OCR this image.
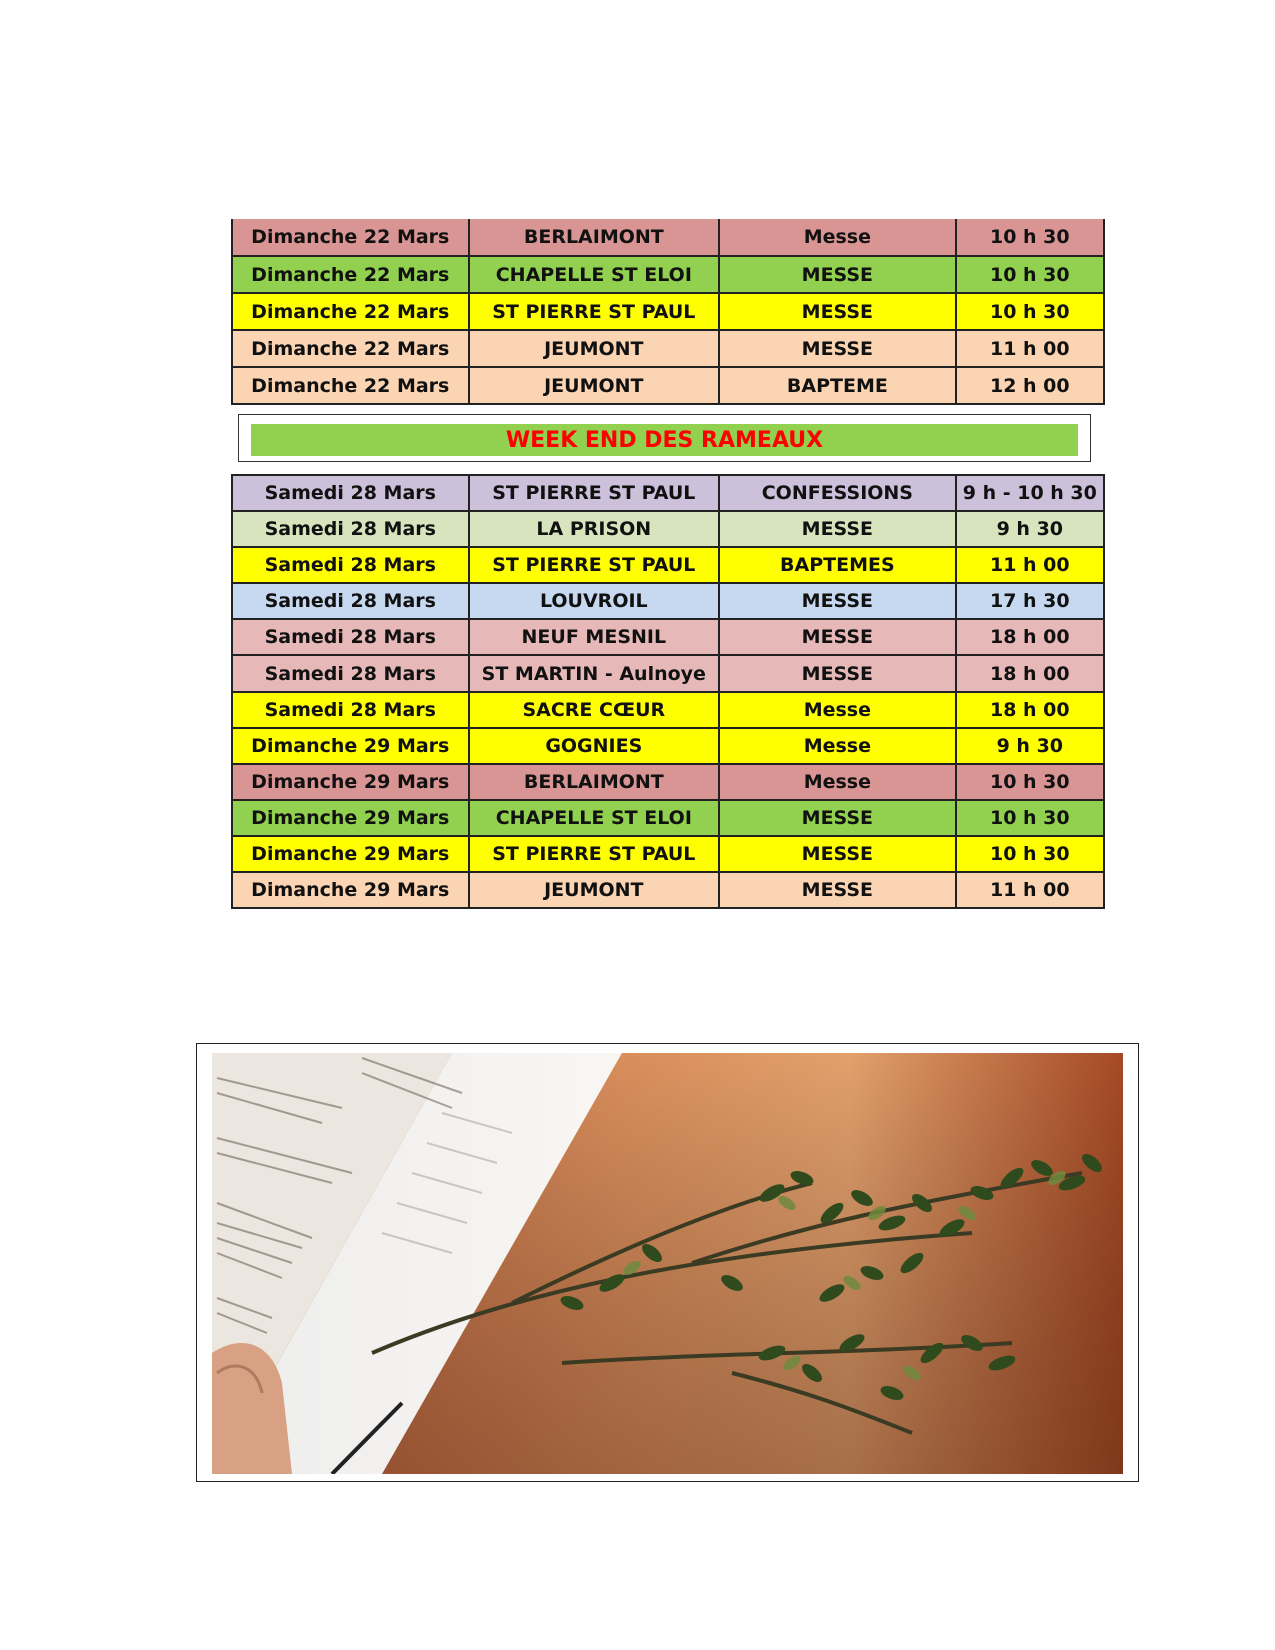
Dimanche 22 Mars	BERLAIMONT	Messe	10 h 30
Dimanche 22 Mars	CHAPELLE ST ELOI	MESSE	10 h 30
Dimanche 22 Mars	ST PIERRE ST PAUL	MESSE	10 h 30
Dimanche 22 Mars	JEUMONT	MESSE	11 h 00
Dimanche 22 Mars	JEUMONT	BAPTEME	12 h 00
WEEK END DES RAMEAUX
Samedi 28 Mars	ST PIERRE ST PAUL	CONFESSIONS	9 h - 10 h 30
Samedi 28 Mars	LA PRISON	MESSE	9 h 30
Samedi 28 Mars	ST PIERRE ST PAUL	BAPTEMES	11 h 00
Samedi 28 Mars	LOUVROIL	MESSE	17 h 30
Samedi 28 Mars	NEUF MESNIL	MESSE	18 h 00
Samedi 28 Mars	ST MARTIN - Aulnoye	MESSE	18 h 00
Samedi 28 Mars	SACRE CŒUR	Messe	18 h 00
Dimanche 29 Mars	GOGNIES	Messe	9 h 30
Dimanche 29 Mars	BERLAIMONT	Messe	10 h 30
Dimanche 29 Mars	CHAPELLE ST ELOI	MESSE	10 h 30
Dimanche 29 Mars	ST PIERRE ST PAUL	MESSE	10 h 30
Dimanche 29 Mars	JEUMONT	MESSE	11 h 00
